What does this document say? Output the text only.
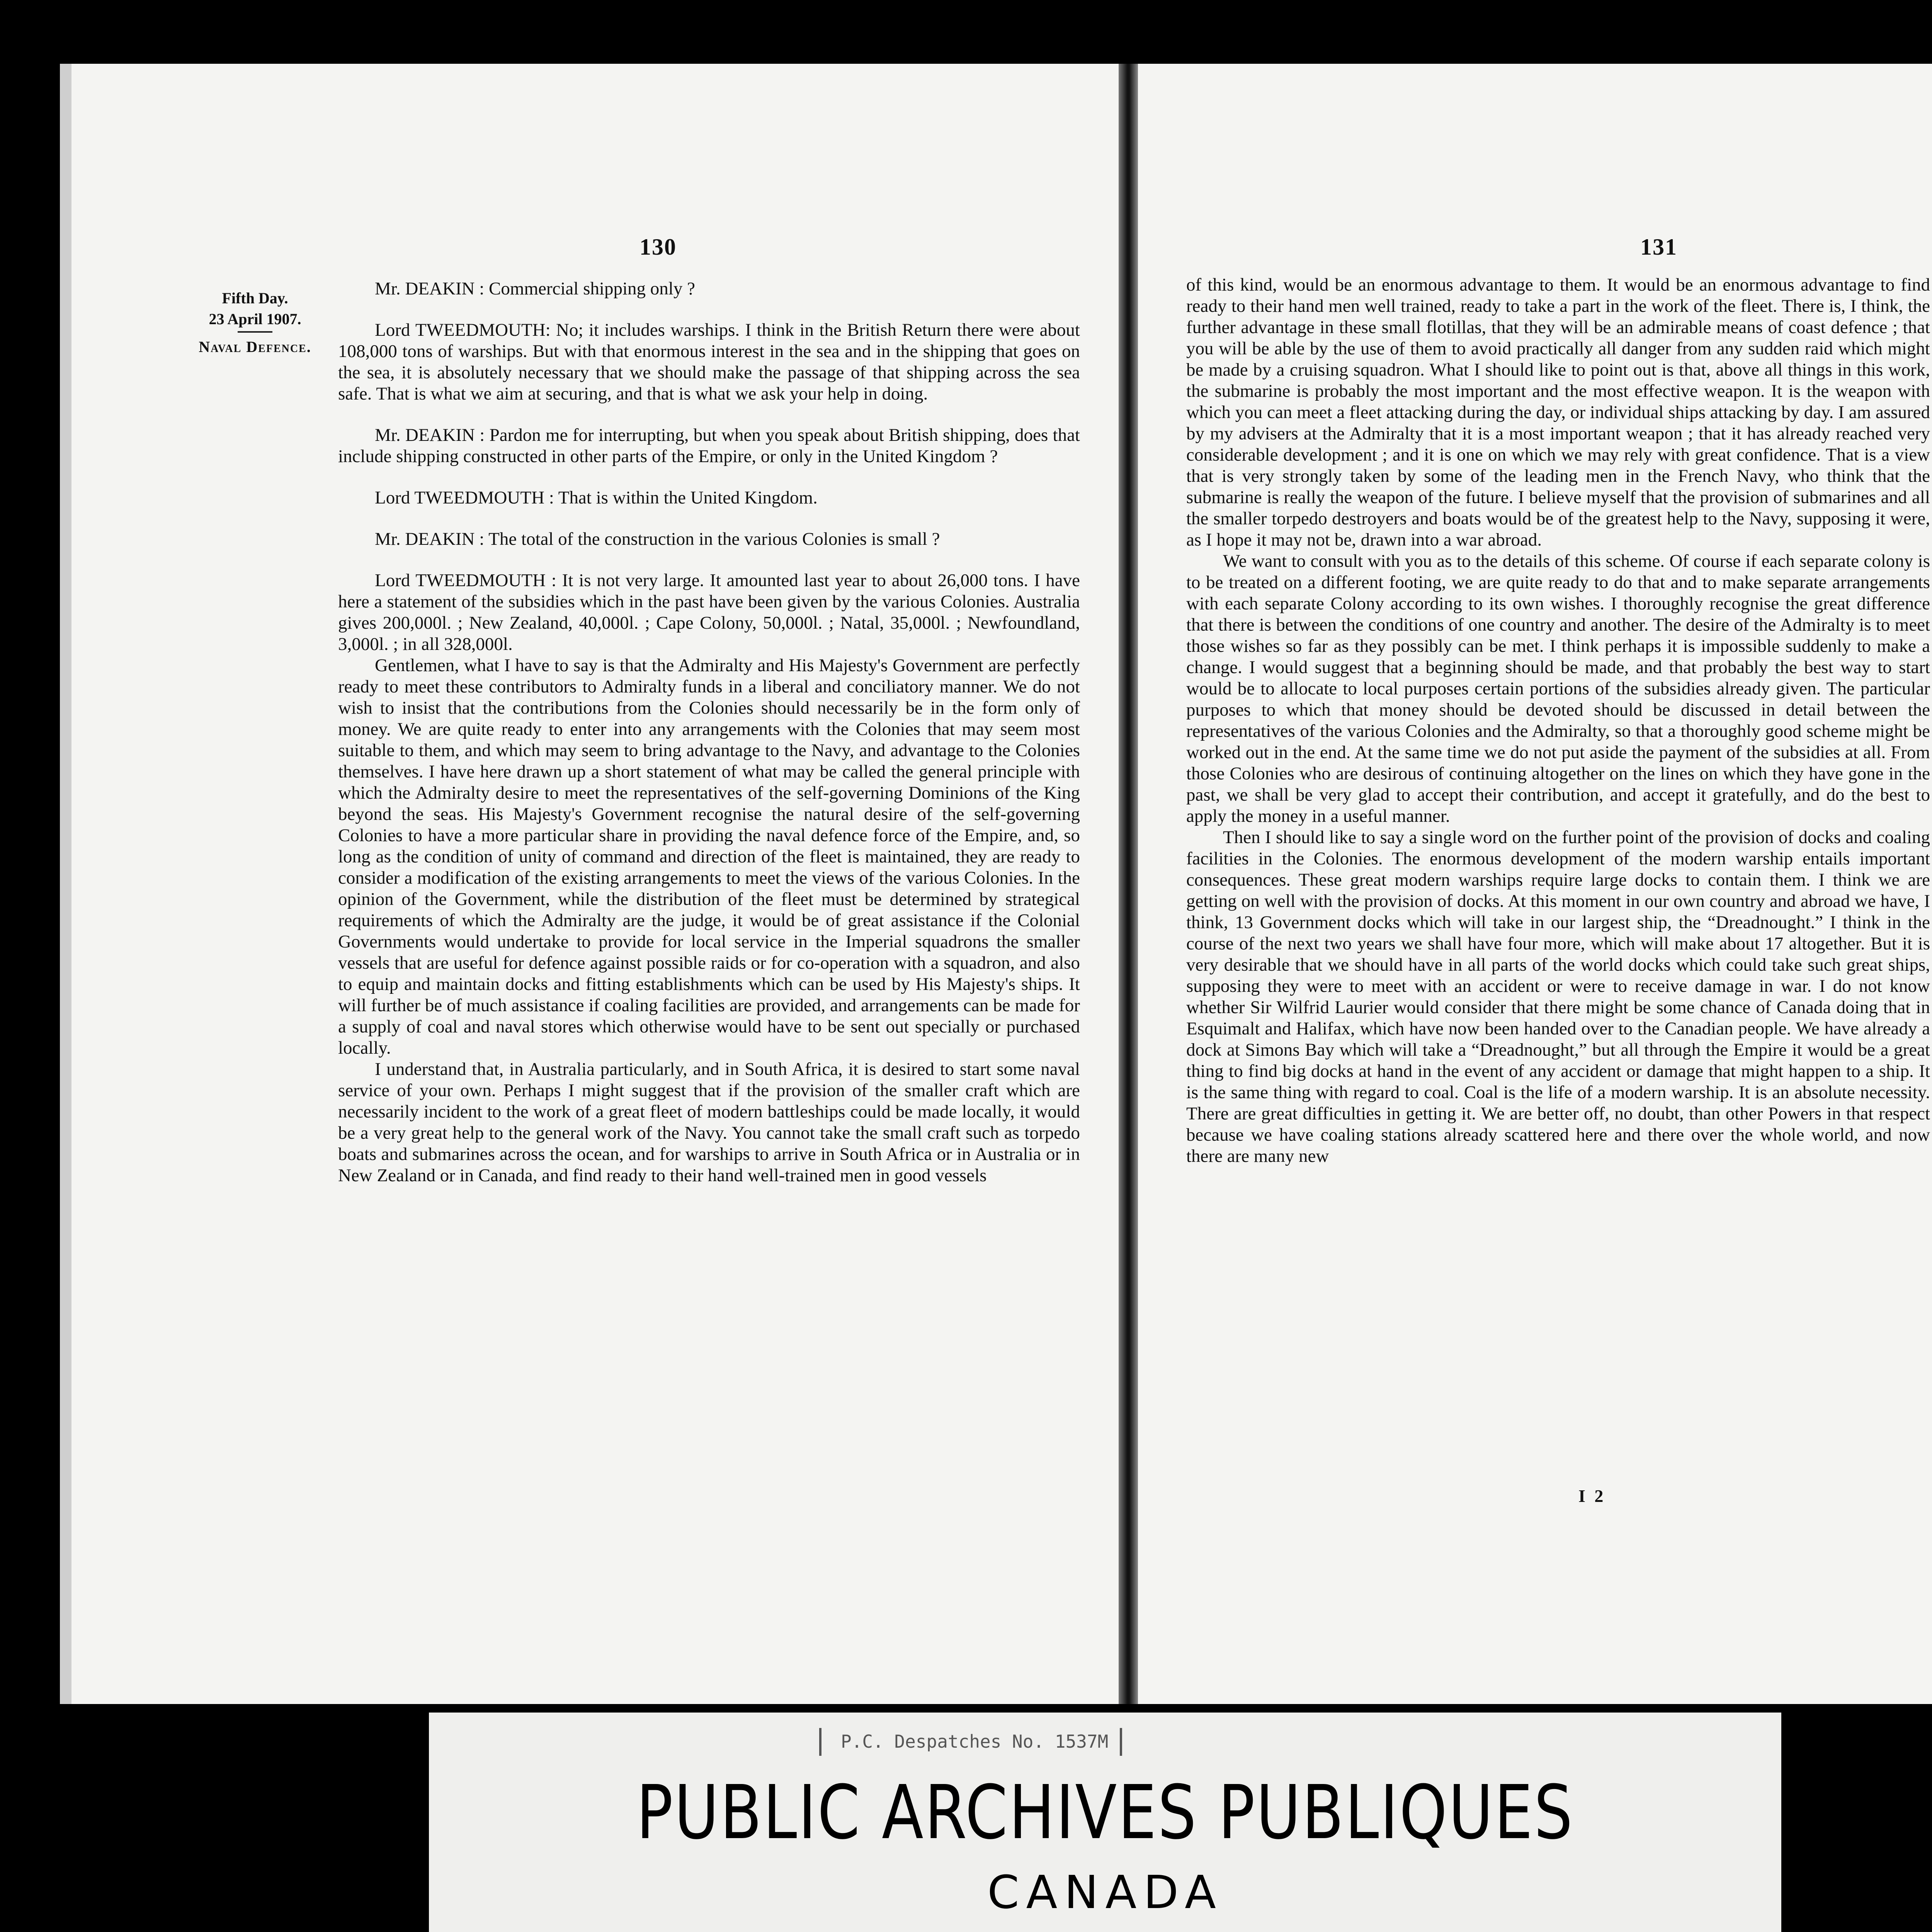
130
Fifth Day.
23 April 1907.
Naval Defence.

Mr. DEAKIN : Commercial shipping only ?

Lord TWEEDMOUTH: No; it includes warships. I think in the British Return there were about 108,000 tons of warships. But with that enormous interest in the sea and in the shipping that goes on the sea, it is absolutely necessary that we should make the passage of that shipping across the sea safe. That is what we aim at securing, and that is what we ask your help in doing.

Mr. DEAKIN : Pardon me for interrupting, but when you speak about British shipping, does that include shipping constructed in other parts of the Empire, or only in the United Kingdom ?

Lord TWEEDMOUTH : That is within the United Kingdom.

Mr. DEAKIN : The total of the construction in the various Colonies is small ?

Lord TWEEDMOUTH : It is not very large. It amounted last year to about 26,000 tons. I have here a statement of the subsidies which in the past have been given by the various Colonies. Australia gives 200,000l. ; New Zealand, 40,000l. ; Cape Colony, 50,000l. ; Natal, 35,000l. ; Newfoundland, 3,000l. ; in all 328,000l.

Gentlemen, what I have to say is that the Admiralty and His Majesty's Government are perfectly ready to meet these contributors to Admiralty funds in a liberal and conciliatory manner. We do not wish to insist that the contributions from the Colonies should necessarily be in the form only of money. We are quite ready to enter into any arrangements with the Colonies that may seem most suitable to them, and which may seem to bring advantage to the Navy, and advantage to the Colonies themselves. I have here drawn up a short statement of what may be called the general principle with which the Admiralty desire to meet the representatives of the self-governing Dominions of the King beyond the seas. His Majesty's Government recognise the natural desire of the self-governing Colonies to have a more particular share in providing the naval defence force of the Empire, and, so long as the condition of unity of command and direction of the fleet is maintained, they are ready to consider a modification of the existing arrangements to meet the views of the various Colonies. In the opinion of the Government, while the distribution of the fleet must be determined by strategical requirements of which the Admiralty are the judge, it would be of great assistance if the Colonial Governments would undertake to provide for local service in the Imperial squadrons the smaller vessels that are useful for defence against possible raids or for co-operation with a squadron, and also to equip and maintain docks and fitting establishments which can be used by His Majesty's ships. It will further be of much assistance if coaling facilities are provided, and arrangements can be made for a supply of coal and naval stores which otherwise would have to be sent out specially or purchased locally.

I understand that, in Australia particularly, and in South Africa, it is desired to start some naval service of your own. Perhaps I might suggest that if the provision of the smaller craft which are necessarily incident to the work of a great fleet of modern battleships could be made locally, it would be a very great help to the general work of the Navy. You cannot take the small craft such as torpedo boats and submarines across the ocean, and for warships to arrive in South Africa or in Australia or in New Zealand or in Canada, and find ready to their hand well-trained men in good vessels

131

of this kind, would be an enormous advantage to them. It would be an enormous advantage to find ready to their hand men well trained, ready to take a part in the work of the fleet. There is, I think, the further advantage in these small flotillas, that they will be an admirable means of coast defence ; that you will be able by the use of them to avoid practically all danger from any sudden raid which might be made by a cruising squadron. What I should like to point out is that, above all things in this work, the submarine is probably the most important and the most effective weapon. It is the weapon with which you can meet a fleet attacking during the day, or individual ships attacking by day. I am assured by my advisers at the Admiralty that it is a most important weapon ; that it has already reached very considerable development ; and it is one on which we may rely with great confidence. That is a view that is very strongly taken by some of the leading men in the French Navy, who think that the submarine is really the weapon of the future. I believe myself that the provision of submarines and all the smaller torpedo destroyers and boats would be of the greatest help to the Navy, supposing it were, as I hope it may not be, drawn into a war abroad.

We want to consult with you as to the details of this scheme. Of course if each separate colony is to be treated on a different footing, we are quite ready to do that and to make separate arrangements with each separate Colony according to its own wishes. I thoroughly recognise the great difference that there is between the conditions of one country and another. The desire of the Admiralty is to meet those wishes so far as they possibly can be met. I think perhaps it is impossible suddenly to make a change. I would suggest that a beginning should be made, and that probably the best way to start would be to allocate to local purposes certain portions of the subsidies already given. The particular purposes to which that money should be devoted should be discussed in detail between the representatives of the various Colonies and the Admiralty, so that a thoroughly good scheme might be worked out in the end. At the same time we do not put aside the payment of the subsidies at all. From those Colonies who are desirous of continuing altogether on the lines on which they have gone in the past, we shall be very glad to accept their contribution, and accept it gratefully, and do the best to apply the money in a useful manner.

Then I should like to say a single word on the further point of the provision of docks and coaling facilities in the Colonies. The enormous development of the modern warship entails important consequences. These great modern warships require large docks to contain them. I think we are getting on well with the provision of docks. At this moment in our own country and abroad we have, I think, 13 Government docks which will take in our largest ship, the “Dreadnought.” I think in the course of the next two years we shall have four more, which will make about 17 altogether. But it is very desirable that we should have in all parts of the world docks which could take such great ships, supposing they were to meet with an accident or were to receive damage in war. I do not know whether Sir Wilfrid Laurier would consider that there might be some chance of Canada doing that in Esquimalt and Halifax, which have now been handed over to the Canadian people. We have already a dock at Simons Bay which will take a “Dreadnought,” but all through the Empire it would be a great thing to find big docks at hand in the event of any accident or damage that might happen to a ship. It is the same thing with regard to coal. Coal is the life of a modern warship. It is an absolute necessity. There are great difficulties in getting it. We are better off, no doubt, than other Powers in that respect because we have coaling stations already scattered here and there over the whole world, and now there are many new

I 2
P.C. Despatches No. 1537M
PUBLIC ARCHIVES PUBLIQUES
CANADA
